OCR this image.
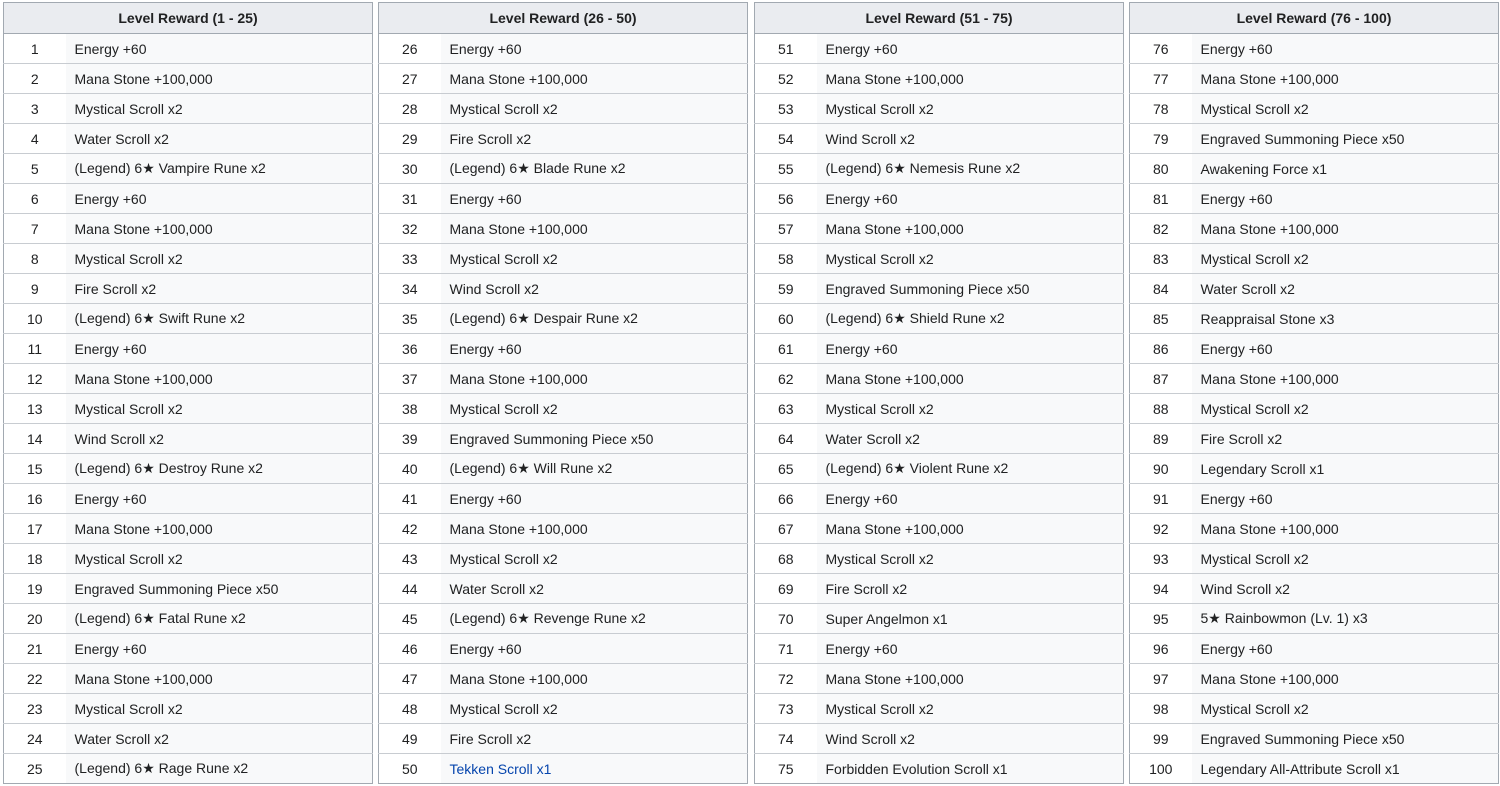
Level Reward (1 - 25)	
1	Energy +60
2	Mana Stone +100,000
3	Mystical Scroll x2
4	Water Scroll x2
5	(Legend) 6★ Vampire Rune x2
6	Energy +60
7	Mana Stone +100,000
8	Mystical Scroll x2
9	Fire Scroll x2
10	(Legend) 6★ Swift Rune x2
11	Energy +60
12	Mana Stone +100,000
13	Mystical Scroll x2
14	Wind Scroll x2
15	(Legend) 6★ Destroy Rune x2
16	Energy +60
17	Mana Stone +100,000
18	Mystical Scroll x2
19	Engraved Summoning Piece x50
20	(Legend) 6★ Fatal Rune x2
21	Energy +60
22	Mana Stone +100,000
23	Mystical Scroll x2
24	Water Scroll x2
25	(Legend) 6★ Rage Rune x2
Level Reward (26 - 50)	
26	Energy +60
27	Mana Stone +100,000
28	Mystical Scroll x2
29	Fire Scroll x2
30	(Legend) 6★ Blade Rune x2
31	Energy +60
32	Mana Stone +100,000
33	Mystical Scroll x2
34	Wind Scroll x2
35	(Legend) 6★ Despair Rune x2
36	Energy +60
37	Mana Stone +100,000
38	Mystical Scroll x2
39	Engraved Summoning Piece x50
40	(Legend) 6★ Will Rune x2
41	Energy +60
42	Mana Stone +100,000
43	Mystical Scroll x2
44	Water Scroll x2
45	(Legend) 6★ Revenge Rune x2
46	Energy +60
47	Mana Stone +100,000
48	Mystical Scroll x2
49	Fire Scroll x2
50	Tekken Scroll x1
Level Reward (51 - 75)	
51	Energy +60
52	Mana Stone +100,000
53	Mystical Scroll x2
54	Wind Scroll x2
55	(Legend) 6★ Nemesis Rune x2
56	Energy +60
57	Mana Stone +100,000
58	Mystical Scroll x2
59	Engraved Summoning Piece x50
60	(Legend) 6★ Shield Rune x2
61	Energy +60
62	Mana Stone +100,000
63	Mystical Scroll x2
64	Water Scroll x2
65	(Legend) 6★ Violent Rune x2
66	Energy +60
67	Mana Stone +100,000
68	Mystical Scroll x2
69	Fire Scroll x2
70	Super Angelmon x1
71	Energy +60
72	Mana Stone +100,000
73	Mystical Scroll x2
74	Wind Scroll x2
75	Forbidden Evolution Scroll x1
Level Reward (76 - 100)	
76	Energy +60
77	Mana Stone +100,000
78	Mystical Scroll x2
79	Engraved Summoning Piece x50
80	Awakening Force x1
81	Energy +60
82	Mana Stone +100,000
83	Mystical Scroll x2
84	Water Scroll x2
85	Reappraisal Stone x3
86	Energy +60
87	Mana Stone +100,000
88	Mystical Scroll x2
89	Fire Scroll x2
90	Legendary Scroll x1
91	Energy +60
92	Mana Stone +100,000
93	Mystical Scroll x2
94	Wind Scroll x2
95	5★ Rainbowmon (Lv. 1) x3
96	Energy +60
97	Mana Stone +100,000
98	Mystical Scroll x2
99	Engraved Summoning Piece x50
100	Legendary All-Attribute Scroll x1
